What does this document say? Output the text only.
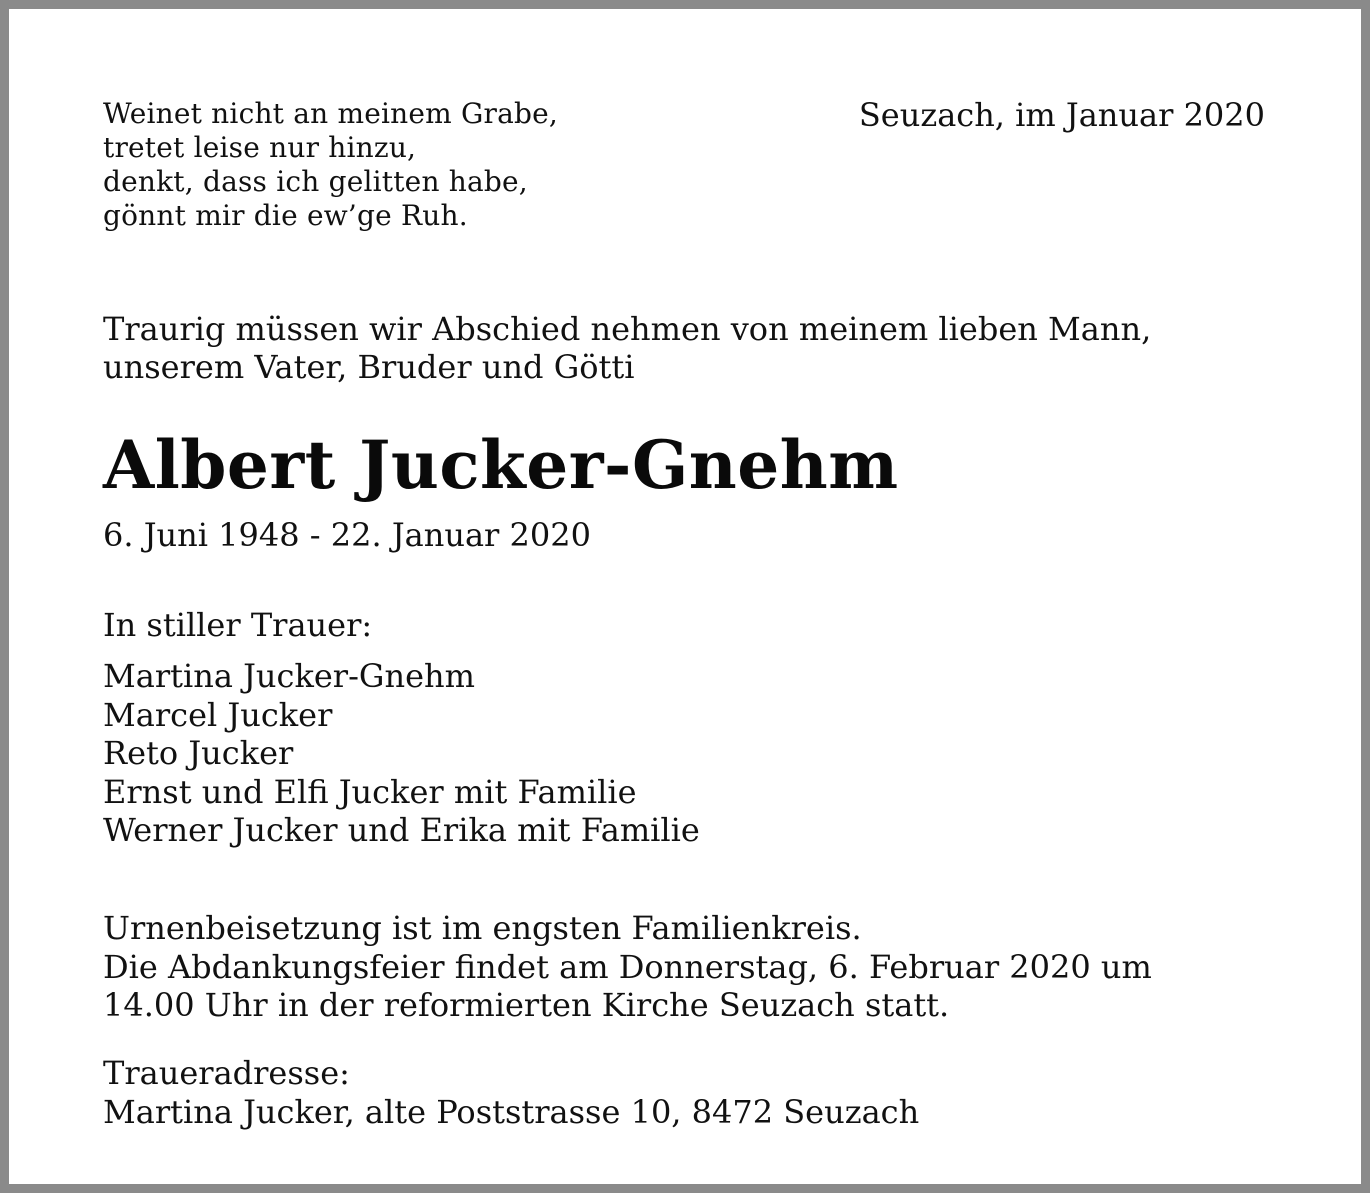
Weinet nicht an meinem Grabe,
tretet leise nur hinzu,
denkt, dass ich gelitten habe,
gönnt mir die ew’ge Ruh.
Seuzach, im Januar 2020
Traurig müssen wir Abschied nehmen von meinem lieben Mann,
unserem Vater, Bruder und Götti
Albert Jucker-Gnehm
6. Juni 1948 - 22. Januar 2020
In stiller Trauer:
Martina Jucker-Gnehm
Marcel Jucker
Reto Jucker
Ernst und Elfi Jucker mit Familie
Werner Jucker und Erika mit Familie
Urnenbeisetzung ist im engsten Familienkreis.
Die Abdankungsfeier findet am Donnerstag, 6. Februar 2020 um
14.00 Uhr in der reformierten Kirche Seuzach statt.
Traueradresse:
Martina Jucker, alte Poststrasse 10, 8472 Seuzach
